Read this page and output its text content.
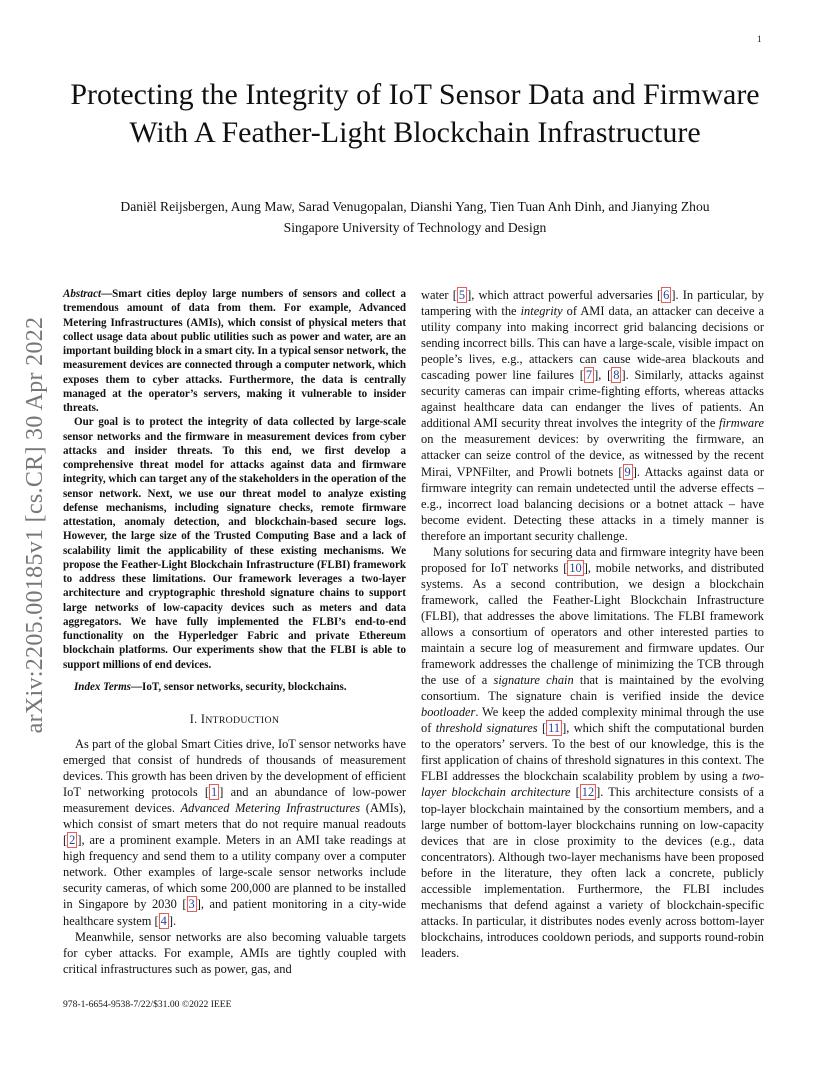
1
arXiv:2205.00185v1 [cs.CR] 30 Apr 2022
Protecting the Integrity of IoT Sensor Data and Firmware With A Feather-Light Blockchain Infrastructure
Daniël Reijsbergen, Aung Maw, Sarad Venugopalan, Dianshi Yang, Tien Tuan Anh Dinh, and Jianying Zhou
Singapore University of Technology and Design

Abstract—Smart cities deploy large numbers of sensors and collect a tremendous amount of data from them. For example, Advanced Metering Infrastructures (AMIs), which consist of physical meters that collect usage data about public utilities such as power and water, are an important building block in a smart city. In a typical sensor network, the measurement devices are connected through a computer network, which exposes them to cyber attacks. Furthermore, the data is centrally managed at the operator’s servers, making it vulnerable to insider threats.

Our goal is to protect the integrity of data collected by large-scale sensor networks and the firmware in measurement devices from cyber attacks and insider threats. To this end, we first develop a comprehensive threat model for attacks against data and firmware integrity, which can target any of the stakeholders in the operation of the sensor network. Next, we use our threat model to analyze existing defense mechanisms, including signature checks, remote firmware attestation, anomaly detection, and blockchain-based secure logs. However, the large size of the Trusted Computing Base and a lack of scalability limit the applicability of these existing mechanisms. We propose the Feather-Light Blockchain Infrastructure (FLBI) framework to address these limitations. Our framework leverages a two-layer architecture and cryptographic threshold signature chains to support large networks of low-capacity devices such as meters and data aggregators. We have fully implemented the FLBI’s end-to-end functionality on the Hyperledger Fabric and private Ethereum blockchain platforms. Our experiments show that the FLBI is able to support millions of end devices.

Index Terms—IoT, sensor networks, security, blockchains.

I. INTRODUCTION

As part of the global Smart Cities drive, IoT sensor networks have emerged that consist of hundreds of thousands of measurement devices. This growth has been driven by the development of efficient IoT networking protocols [ 1 ] and an abundance of low-power measurement devices. Advanced Metering Infrastructures (AMIs), which consist of smart meters that do not require manual readouts [ 2 ], are a prominent example. Meters in an AMI take readings at high frequency and send them to a utility company over a computer network. Other examples of large-scale sensor networks include security cameras, of which some 200,000 are planned to be installed in Singapore by 2030 [ 3 ], and patient monitoring in a city-wide healthcare system [ 4 ].

Meanwhile, sensor networks are also becoming valuable targets for cyber attacks. For example, AMIs are tightly coupled with critical infrastructures such as power, gas, and

water [ 5 ], which attract powerful adversaries [ 6 ]. In particular, by tampering with the integrity of AMI data, an attacker can deceive a utility company into making incorrect grid balancing decisions or sending incorrect bills. This can have a large-scale, visible impact on people’s lives, e.g., attackers can cause wide-area blackouts and cascading power line failures [ 7 ], [ 8 ]. Similarly, attacks against security cameras can impair crime-fighting efforts, whereas attacks against healthcare data can endanger the lives of patients. An additional AMI security threat involves the integrity of the firmware on the measurement devices: by overwriting the firmware, an attacker can seize control of the device, as witnessed by the recent Mirai, VPNFilter, and Prowli botnets [ 9 ]. Attacks against data or firmware integrity can remain undetected until the adverse effects – e.g., incorrect load balancing decisions or a botnet attack – have become evident. Detecting these attacks in a timely manner is therefore an important security challenge.

Many solutions for securing data and firmware integrity have been proposed for IoT networks [ 10 ], mobile networks, and distributed systems. As a second contribution, we design a blockchain framework, called the Feather-Light Blockchain Infrastructure (FLBI), that addresses the above limitations. The FLBI framework allows a consortium of operators and other interested parties to maintain a secure log of measurement and firmware updates. Our framework addresses the challenge of minimizing the TCB through the use of a signature chain that is maintained by the evolving consortium. The signature chain is verified inside the device bootloader. We keep the added complexity minimal through the use of threshold signatures [ 11 ], which shift the computational burden to the operators’ servers. To the best of our knowledge, this is the first application of chains of threshold signatures in this context. The FLBI addresses the blockchain scalability problem by using a two-layer blockchain architecture [ 12 ]. This architecture consists of a top-layer blockchain maintained by the consortium members, and a large number of bottom-layer blockchains running on low-capacity devices that are in close proximity to the devices (e.g., data concentrators). Although two-layer mechanisms have been proposed before in the literature, they often lack a concrete, publicly accessible implementation. Furthermore, the FLBI includes mechanisms that defend against a variety of blockchain-specific attacks. In particular, it distributes nodes evenly across bottom-layer blockchains, introduces cooldown periods, and supports round-robin leaders.

978-1-6654-9538-7/22/$31.00 ©2022 IEEE
